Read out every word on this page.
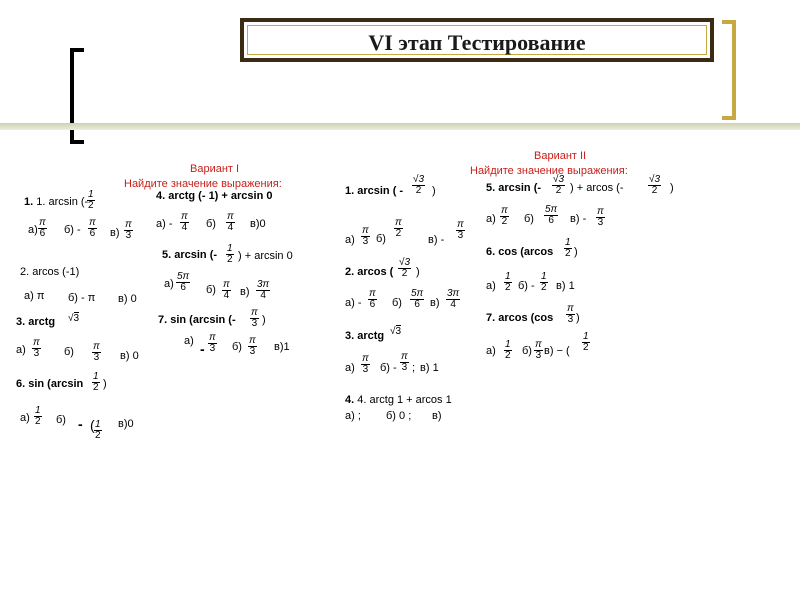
VI этап Тестирование
Вариант I
Найдите значение выражения:
1. 1. arcsin (-
$\frac{1}{2}$
$а) \frac{\pi}{6} б) - \frac{\pi}{6} в) \frac{\pi}{3}$
2. arcos (-1)
а) π б) - π в) 0
3. arctg √3
$а) \frac{\pi}{3} б) \frac{\pi}{3} в$) 0
6. $\sin (\arcsin \frac{1}{2}$ )
$а) \frac{1}{2} б$) - ( $\frac{1}{2} в)0$
4. arctg (- 1) + arcsin 0
$а) - \frac{\pi}{4} б) \frac{\pi}{4} в)0$
5. arcsin (- $\frac{1}{2}$ ) + arcsin 0
$а) \frac{5\pi}{6} б) \frac{\pi}{4} в) \frac{3\pi}{4}$
7. sin (arcsin (- $\frac{\pi}{3}$ )
$а) - \frac{\pi}{3} б) \frac{\pi}{3} в)1$
Вариант II
Найдите значение выражения:
1. arcsin ( - $\frac{√3}{2}$ )
$а) \frac{\pi}{3} б) \frac{\pi}{2}$
$в) - \frac{\pi}{3}$
2. arcos ( $\frac{√3}{2}$ )
$а) - \frac{\pi}{6} б) \frac{5\pi}{6} в) \frac{3\pi}{4}$
3. arctg √3
$а) \frac{\pi}{3} б) - \frac{\pi}{3}$ ; в) 1
4. 4. arctg 1 + arcos 1
а) ; б) 0 ; в)
5. arcsin (- $\frac{√3}{2}$ ) + arcos (- $\frac{√3}{2}$ )
$а) \frac{\pi}{2} б) \frac{5\pi}{6} в) - \frac{\pi}{3}$
6. $\cos (arcos \frac{1}{2}$ )
$а) \frac{1}{2} б) - \frac{1}{2} в$) 1
7. arcos ($\cos \frac{\pi}{3}$ )
$а) \frac{1}{2} б) \frac{\pi}{3} в$) − ( $\frac{1}{2}$
